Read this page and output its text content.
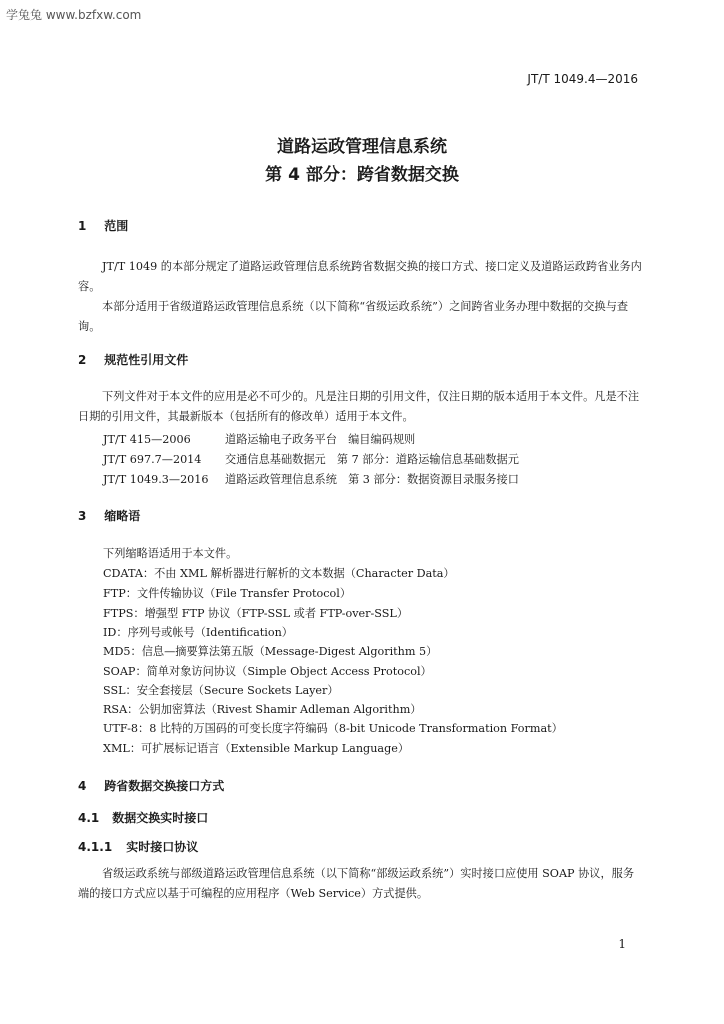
学兔兔 www.bzfxw.com
JT/T 1049.4—2016
道路运政管理信息系统
第 4 部分：跨省数据交换
1 范围

JT/T 1049 的本部分规定了道路运政管理信息系统跨省数据交换的接口方式、接口定义及道路运政跨省业务内容。

本部分适用于省级道路运政管理信息系统（以下简称“省级运政系统”）之间跨省业务办理中数据的交换与查询。

2 规范性引用文件

下列文件对于本文件的应用是必不可少的。凡是注日期的引用文件，仅注日期的版本适用于本文件。凡是不注日期的引用文件，其最新版本（包括所有的修改单）适用于本文件。

JT/T 415—2006	道路运输电子政务平台　编目编码规则
JT/T 697.7—2014 交通信息基础数据元　第 7 部分：道路运输信息基础数据元
JT/T 1049.3—2016 道路运政管理信息系统　第 3 部分：数据资源目录服务接口
3 缩略语
下列缩略语适用于本文件。
CDATA：不由 XML 解析器进行解析的文本数据（Character Data）
FTP：文件传输协议（File Transfer Protocol）
FTPS：增强型 FTP 协议（FTP-SSL 或者 FTP-over-SSL）
ID：序列号或帐号（Identification）
MD5：信息—摘要算法第五版（Message-Digest Algorithm 5）
SOAP：简单对象访问协议（Simple Object Access Protocol）
SSL：安全套接层（Secure Sockets Layer）
RSA：公钥加密算法（Rivest Shamir Adleman Algorithm）
UTF-8：8 比特的万国码的可变长度字符编码（8-bit Unicode Transformation Format）
XML：可扩展标记语言（Extensible Markup Language）
4 跨省数据交换接口方式
4.1 数据交换实时接口
4.1.1 实时接口协议

省级运政系统与部级道路运政管理信息系统（以下简称“部级运政系统”）实时接口应使用 SOAP 协议，服务端的接口方式应以基于可编程的应用程序（Web Service）方式提供。

1
